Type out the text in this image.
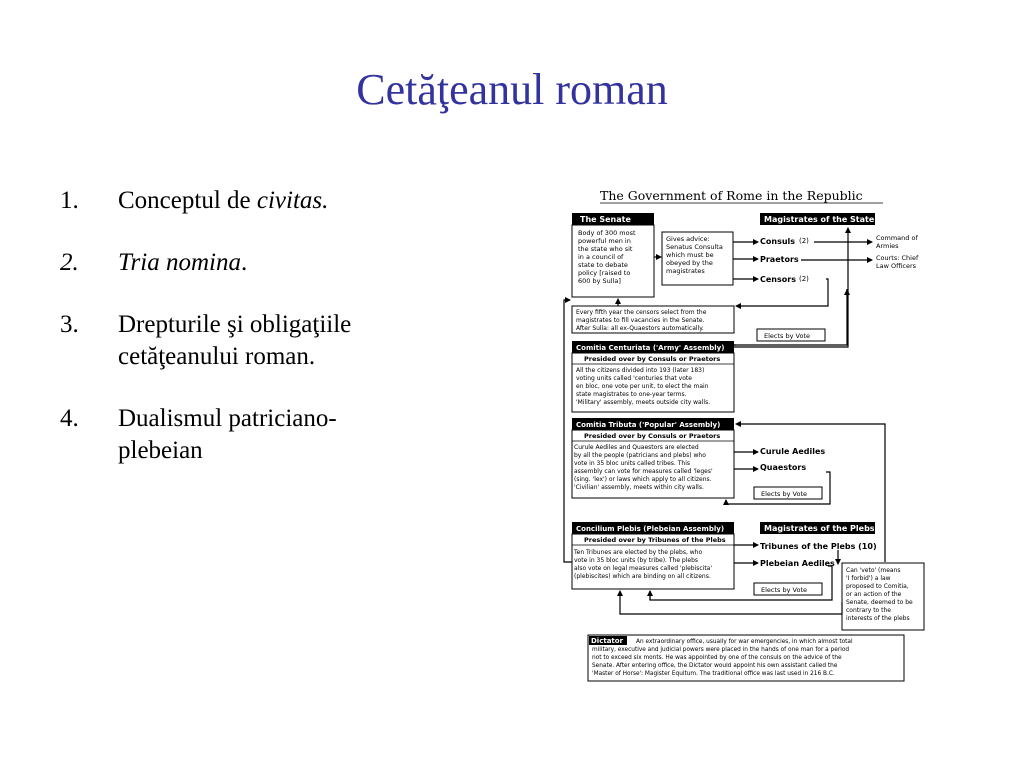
Cetăţeanul roman
1. Conceptul de civitas.
2. Tria nomina.
3. Drepturile şi obligaţiile
cetăţeanului roman.
4. Dualismul patriciano-
plebeian
The Government of Rome in the Republic
The Senate
Body of 300 most powerful men in the state who sit in a council of state to debate policy [raised to 600 by Sulla]
Gives advice: Senatus Consulta which must be obeyed by the magistrates
Magistrates of the State
Consuls (2)
Praetors
Censors (2)
Command of Armies
Courts: Chief Law Officers
Every fifth year the censors select from the magistrates to fill vacancies in the Senate. After Sulla: all ex-Quaestors automatically.
Elects by Vote
Comitia Centuriata ('Army' Assembly)
Presided over by Consuls or Praetors
All the citizens divided into 193 (later 183) voting units called 'centuries that vote en bloc, one vote per unit, to elect the main state magistrates to one-year terms. 'Military' assembly, meets outside city walls.
Comitia Tributa ('Popular' Assembly)
Presided over by Consuls or Praetors
Curule Aediles and Quaestors are elected by all the people (patricians and plebs) who vote in 35 bloc units called tribes. This assembly can vote for measures called 'leges' (sing. 'lex') or laws which apply to all citizens. 'Civilian' assembly, meets within city walls.
Curule Aediles
Quaestors
Elects by Vote
Concilium Plebis (Plebeian Assembly)
Presided over by Tribunes of the Plebs
Ten Tribunes are elected by the plebs, who vote in 35 bloc units (by tribe). The plebs also vote on legal measures called 'plebiscita' (plebiscites) which are binding on all citizens.
Magistrates of the Plebs
Tribunes of the Plebs (10)
Plebeian Aediles
Can 'veto' (means 'I forbid') a law proposed to Comitia, or an action of the Senate, deemed to be contrary to the interests of the plebs
Elects by Vote
Dictator An extraordinary office, usually for war emergencies, in which almost total
military, executive and judicial powers were placed in the hands of one man for a period not to exceed six monts. He was appointed by one of the consuls on the advice of the Senate. After entering office, the Dictator would appoint his own assistant called the 'Master of Horse': Magister Equitum. The traditional office was last used in 216 B.C.
